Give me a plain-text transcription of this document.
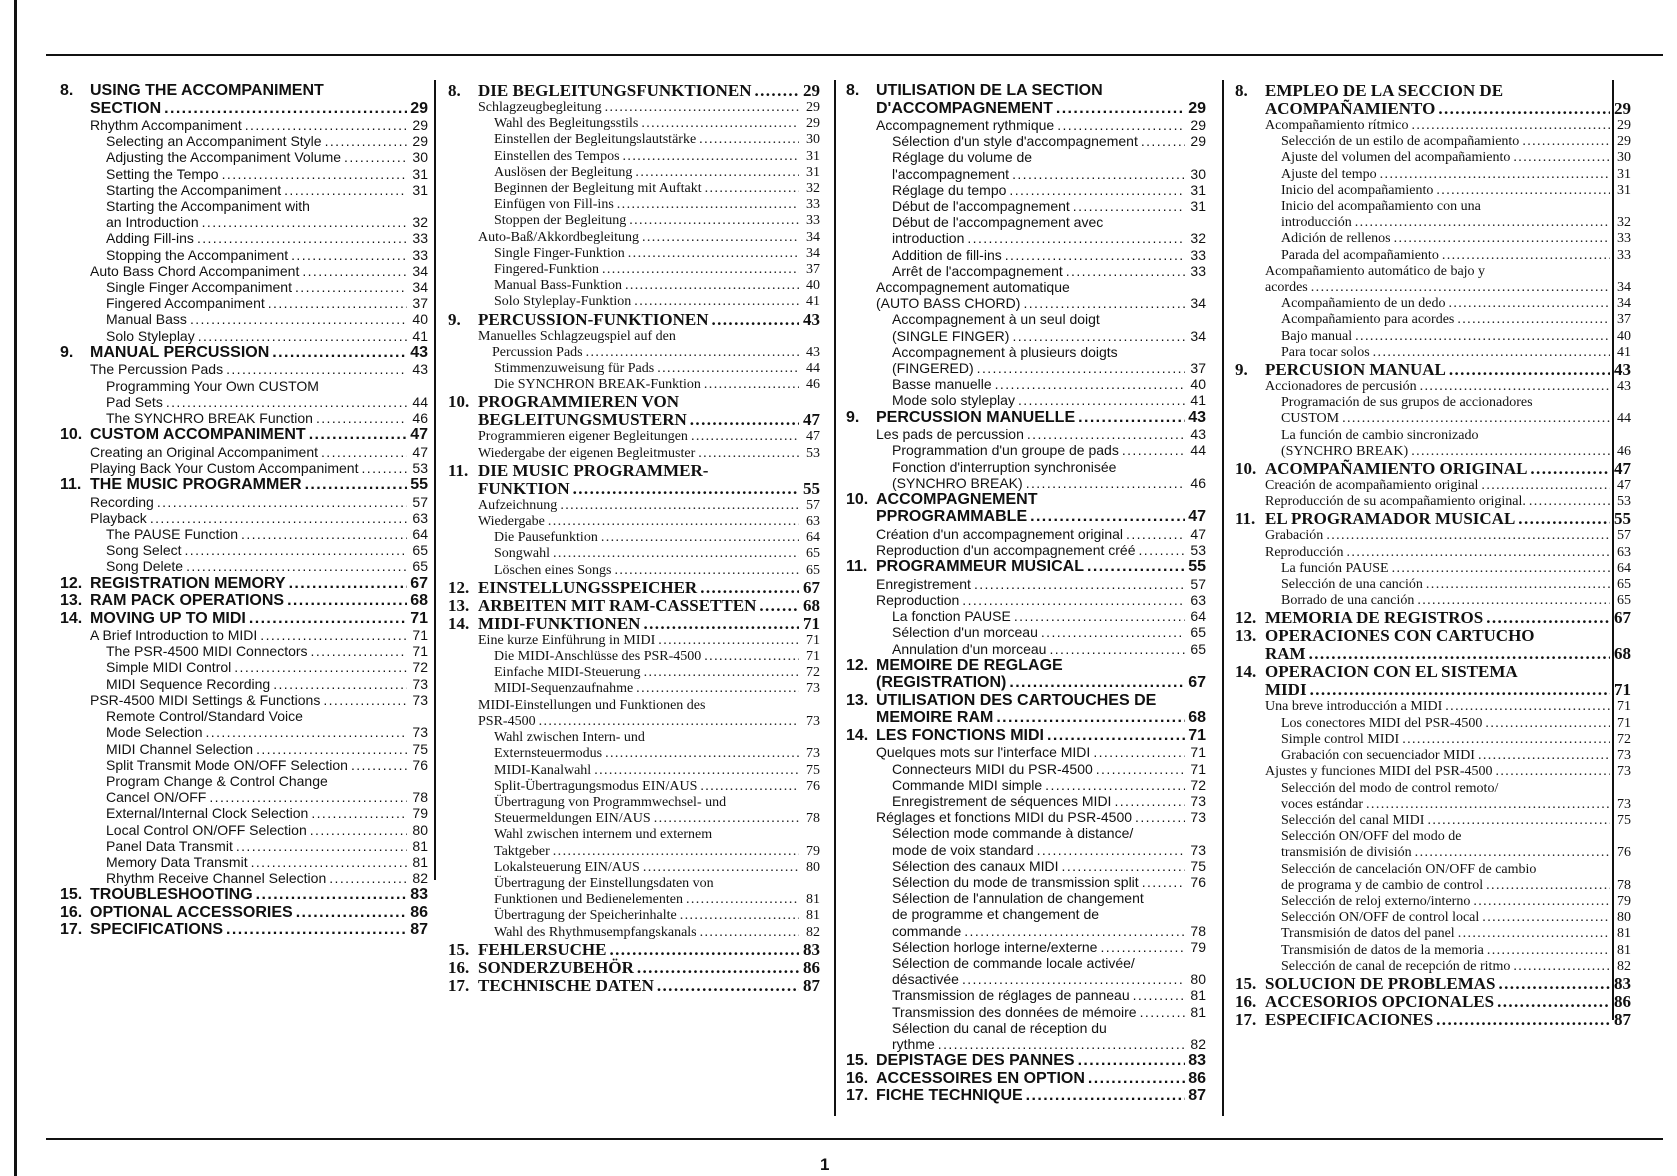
8.	USING THE ACCOMPANIMENT
SECTION .....	29
Rhythm Accompaniment .....	29
Selecting an Accompaniment Style .....	29
Adjusting the Accompaniment Volume .....	30
Setting the Tempo .....	31
Starting the Accompaniment .....	31
Starting the Accompaniment with
an Introduction .....	32
Adding Fill-ins .....	33
Stopping the Accompaniment .....	33
Auto Bass Chord Accompaniment .....	34
Single Finger Accompaniment .....	34
Fingered Accompaniment .....	37
Manual Bass .....	40
Solo Styleplay .....	41
9.	MANUAL PERCUSSION .....	43
The Percussion Pads .....	43
Programming Your Own CUSTOM
Pad Sets .....	44
The SYNCHRO BREAK Function .....	46
10. CUSTOM ACCOMPANIMENT .....	47
Creating an Original Accompaniment .....	47
Playing Back Your Custom Accompaniment .....	53
11. THE MUSIC PROGRAMMER .....	55
Recording .....	57
Playback .....	63
The PAUSE Function .....	64
Song Select .....	65
Song Delete .....	65
12. REGISTRATION MEMORY .....	67
13. RAM PACK OPERATIONS .....	68
14. MOVING UP TO MIDI .....	71
A Brief Introduction to MIDI .....	71
The PSR-4500 MIDI Connectors .....	71
Simple MIDI Control .....	72
MIDI Sequence Recording .....	73
PSR-4500 MIDI Settings & Functions .....	73
Remote Control/Standard Voice
Mode Selection .....	73
MIDI Channel Selection .....	75
Split Transmit Mode ON/OFF Selection .....	76
Program Change & Control Change
Cancel ON/OFF .....	78
External/Internal Clock Selection .....	79
Local Control ON/OFF Selection .....	80
Panel Data Transmit .....	81
Memory Data Transmit .....	81
Rhythm Receive Channel Selection .....	82
15. TROUBLESHOOTING .....	83
16. OPTIONAL ACCESSORIES .....	86
17. SPECIFICATIONS .....	87
8.	DIE BEGLEITUNGSFUNKTIONEN .....	29
Schlagzeugbegleitung .....	29
Wahl des Begleitungsstils .....	29
Einstellen der Begleitungslautstärke .....	30
Einstellen des Tempos .....	31
Auslösen der Begleitung .....	31
Beginnen der Begleitung mit Auftakt .....	32
Einfügen von Fill-ins .....	33
Stoppen der Begleitung .....	33
Auto-Baß/Akkordbegleitung .....	34
Single Finger-Funktion .....	34
Fingered-Funktion .....	37
Manual Bass-Funktion .....	40
Solo Styleplay-Funktion .....	41
9.	PERCUSSION-FUNKTIONEN .....	43
Manuelles Schlagzeugspiel auf den
Percussion Pads .....	43
Stimmenzuweisung für Pads .....	44
Die SYNCHRON BREAK-Funktion .....	46
10. PROGRAMMIEREN VON
BEGLEITUNGSMUSTERN .....	47
Programmieren eigener Begleitungen .....	47
Wiedergabe der eigenen Begleitmuster .....	53
11. DIE MUSIC PROGRAMMER-
FUNKTION .....	55
Aufzeichnung .....	57
Wiedergabe .....	63
Die Pausefunktion .....	64
Songwahl .....	65
Löschen eines Songs .....	65
12. EINSTELLUNGSSPEICHER .....	67
13. ARBEITEN MIT RAM-CASSETTEN .....	68
14. MIDI-FUNKTIONEN .....	71
Eine kurze Einführung in MIDI .....	71
Die MIDI-Anschlüsse des PSR-4500 .....	71
Einfache MIDI-Steuerung .....	72
MIDI-Sequenzaufnahme .....	73
MIDI-Einstellungen und Funktionen des
PSR-4500 .....	73
Wahl zwischen Intern- und
Externsteuermodus .....	73
MIDI-Kanalwahl .....	75
Split-Übertragungsmodus EIN/AUS .....	76
Übertragung von Programmwechsel- und
Steuermeldungen EIN/AUS .....	78
Wahl zwischen internem und externem
Taktgeber .....	79
Lokalsteuerung EIN/AUS .....	80
Übertragung der Einstellungsdaten von
Funktionen und Bedienelementen .....	81
Übertragung der Speicherinhalte .....	81
Wahl des Rhythmusempfangskanals .....	82
15. FEHLERSUCHE .....	83
16. SONDERZUBEHÖR .....	86
17. TECHNISCHE DATEN .....	87
8.	UTILISATION DE LA SECTION
D'ACCOMPAGNEMENT .....	29
Accompagnement rythmique .....	29
Sélection d'un style d'accompagnement .....	29
Réglage du volume de
l'accompagnement .....	30
Réglage du tempo .....	31
Début de l'accompagnement .....	31
Début de l'accompagnement avec
introduction .....	32
Addition de fill-ins .....	33
Arrêt de l'accompagnement .....	33
Accompagnement automatique
(AUTO BASS CHORD) .....	34
Accompagnement à un seul doigt
(SINGLE FINGER) .....	34
Accompagnement à plusieurs doigts
(FINGERED) .....	37
Basse manuelle .....	40
Mode solo styleplay .....	41
9.	PERCUSSION MANUELLE .....	43
Les pads de percussion .....	43
Programmation d'un groupe de pads .....	44
Fonction d'interruption synchronisée
(SYNCHRO BREAK) .....	46
10. ACCOMPAGNEMENT
PPROGRAMMABLE .....	47
Création d'un accompagnement original .....	47
Reproduction d'un accompagnement créé .....	53
11. PROGRAMMEUR MUSICAL .....	55
Enregistrement .....	57
Reproduction .....	63
La fonction PAUSE .....	64
Sélection d'un morceau .....	65
Annulation d'un morceau .....	65
12. MEMOIRE DE REGLAGE
(REGISTRATION) .....	67
13. UTILISATION DES CARTOUCHES DE
MEMOIRE RAM .....	68
14. LES FONCTIONS MIDI .....	71
Quelques mots sur l'interface MIDI .....	71
Connecteurs MIDI du PSR-4500 .....	71
Commande MIDI simple .....	72
Enregistrement de séquences MIDI .....	73
Réglages et fonctions MIDI du PSR-4500 .....	73
Sélection mode commande à distance/
mode de voix standard .....	73
Sélection des canaux MIDI .....	75
Sélection du mode de transmission split .....	76
Sélection de l'annulation de changement
de programme et changement de
commande .....	78
Sélection horloge interne/externe .....	79
Sélection de commande locale activée/
désactivée .....	80
Transmission de réglages de panneau .....	81
Transmission des données de mémoire .....	81
Sélection du canal de réception du
rythme .....	82
15. DEPISTAGE DES PANNES .....	83
16. ACCESSOIRES EN OPTION .....	86
17. FICHE TECHNIQUE .....	87
8.	EMPLEO DE LA SECCION DE
ACOMPAÑAMIENTO .....	29
Acompañamiento rítmico .....	29
Selección de un estilo de acompañamiento .....	29
Ajuste del volumen del acompañamiento .....	30
Ajuste del tempo .....	31
Inicio del acompañamiento .....	31
Inicio del acompañamiento con una
introducción .....	32
Adición de rellenos .....	33
Parada del acompañamiento .....	33
Acompañamiento automático de bajo y
acordes .....	34
Acompañamiento de un dedo .....	34
Acompañamiento para acordes .....	37
Bajo manual .....	40
Para tocar solos .....	41
9.	PERCUSION MANUAL .....	43
Accionadores de percusión .....	43
Programación de sus grupos de accionadores
CUSTOM .....	44
La función de cambio sincronizado
(SYNCHRO BREAK) .....	46
10. ACOMPAÑAMIENTO ORIGINAL .....	47
Creación de acompañamiento original .....	47
Reproducción de su acompañamiento original. .....	53
11. EL PROGRAMADOR MUSICAL .....	55
Grabación .....	57
Reproducción .....	63
La función PAUSE .....	64
Selección de una canción .....	65
Borrado de una canción .....	65
12. MEMORIA DE REGISTROS .....	67
13. OPERACIONES CON CARTUCHO
RAM .....	68
14. OPERACION CON EL SISTEMA
MIDI .....	71
Una breve introducción a MIDI .....	71
Los conectores MIDI del PSR-4500 .....	71
Simple control MIDI .....	72
Grabación con secuenciador MIDI .....	73
Ajustes y funciones MIDI del PSR-4500 .....	73
Selección del modo de control remoto/
voces estándar .....	73
Selección del canal MIDI .....	75
Selección ON/OFF del modo de
transmisión de división .....	76
Selección de cancelación ON/OFF de cambio
de programa y de cambio de control .....	78
Selección de reloj externo/interno .....	79
Selección ON/OFF de control local .....	80
Transmisión de datos del panel .....	81
Transmisión de datos de la memoria .....	81
Selección de canal de recepción de ritmo .....	82
15. SOLUCION DE PROBLEMAS .....	83
16. ACCESORIOS OPCIONALES .....	86
17. ESPECIFICACIONES .....	87
1
